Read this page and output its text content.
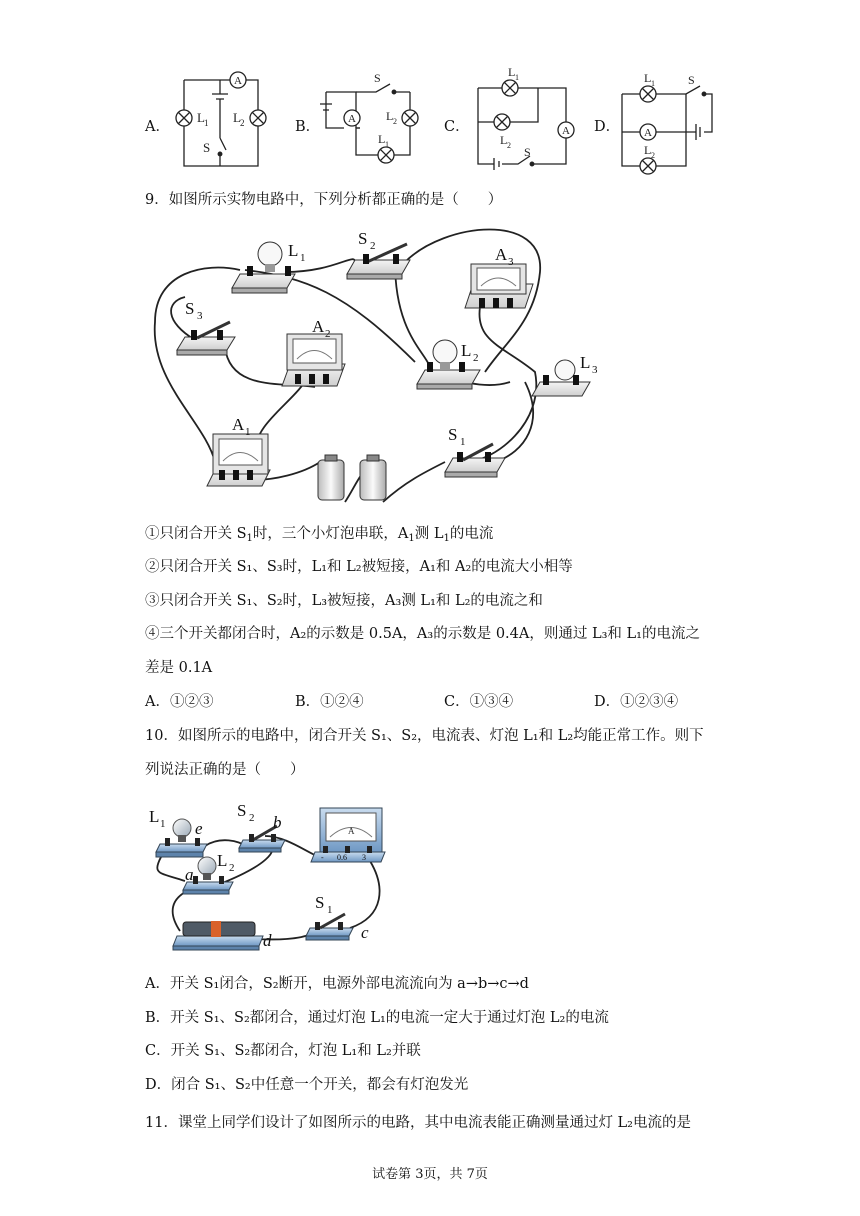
A．	B．	C．	D．
A
L 1 L 2
S
S
A	L 2
L 1
S
L 1
L 2
A
S
L 1
A
L 2
9．如图所示实物电路中，下列分析都正确的是（　　）
L 1
S 2	A 3
S 3
A 2
L 2	L 3
A 1	S 1
①只闭合开关 $S_1$时，三个小灯泡串联，$A_1$测 $L_1$的电流
②只闭合开关 S₁、S₃时，L₁和 L₂被短接，A₁和 A₂的电流大小相等
③只闭合开关 S₁、S₂时，L₃被短接，A₃测 L₁和 L₂的电流之和
④三个开关都闭合时，A₂的示数是 0.5A，A₃的示数是 0.4A，则通过 L₃和 L₁的电流之
差是 0.1A
A．①②③	B．①②④	C．①③④	D．①②③④
10．如图所示的电路中，闭合开关 S₁、S₂，电流表、灯泡 L₁和 L₂均能正常工作。则下
列说法正确的是（　　）
A
- 0.6 3
L 1 e
S 2 b
L 2
a
S 1
d	c
A．开关 S₁闭合，S₂断开，电源外部电流流向为 a→b→c→d
B．开关 S₁、S₂都闭合，通过灯泡 L₁的电流一定大于通过灯泡 L₂的电流
C．开关 S₁、S₂都闭合，灯泡 L₁和 L₂并联
D．闭合 S₁、S₂中任意一个开关，都会有灯泡发光
11．课堂上同学们设计了如图所示的电路，其中电流表能正确测量通过灯 L₂电流的是
试卷第 3页，共 7页
